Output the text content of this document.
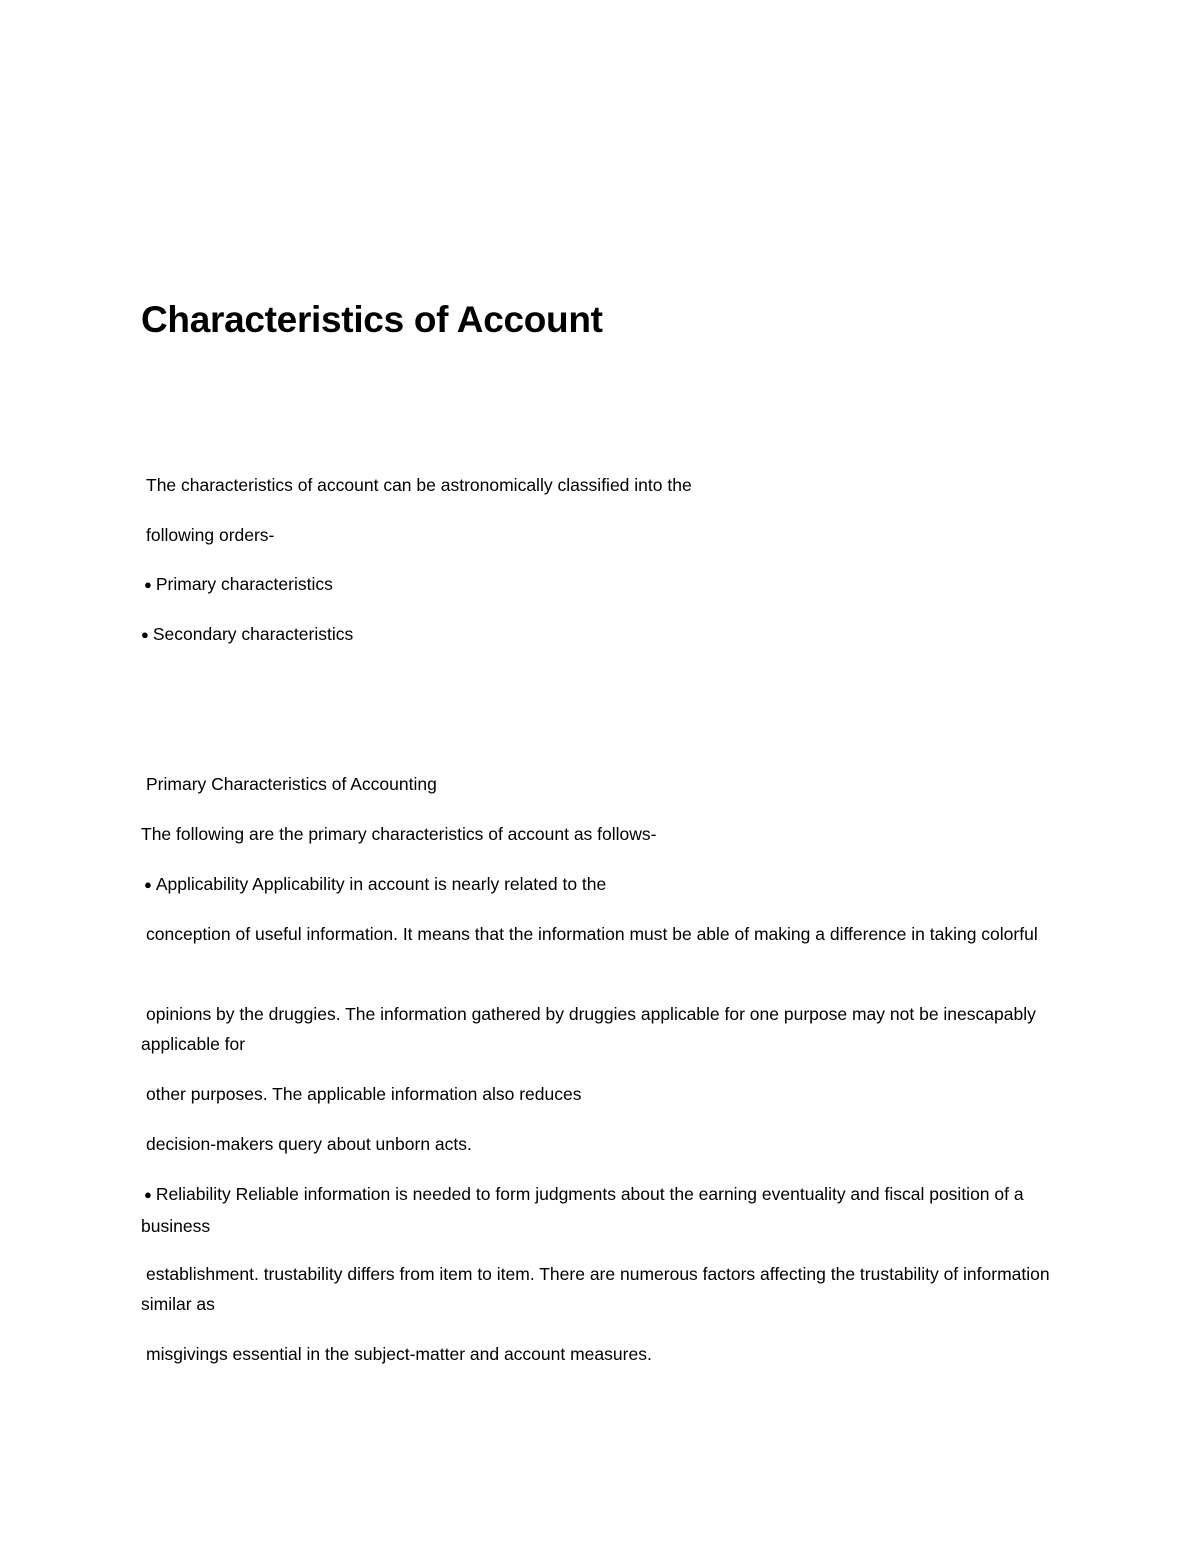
Characteristics of Account

The characteristics of account can be astronomically classified into the

following orders-

● Primary characteristics

● Secondary characteristics

Primary Characteristics of Accounting

The following are the primary characteristics of account as follows-

● Applicability Applicability in account is nearly related to the

conception of useful information. It means that the information must be able of making a difference in taking colorful

opinions by the druggies. The information gathered by druggies applicable for one purpose may not be inescapably applicable for

other purposes. The applicable information also reduces

decision-makers query about unborn acts.

● Reliability Reliable information is needed to form judgments about the earning eventuality and fiscal position of a business

establishment. trustability differs from item to item. There are numerous factors affecting the trustability of information similar as

misgivings essential in the subject-matter and account measures.
